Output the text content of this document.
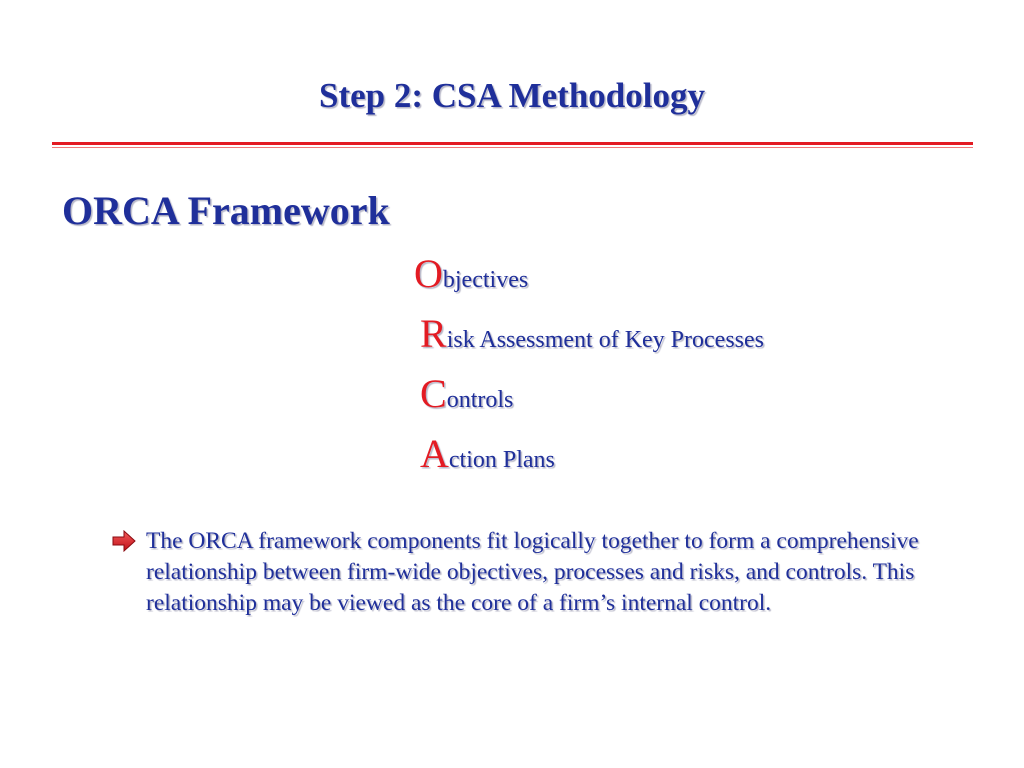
Step 2: CSA Methodology
ORCA Framework
Objectives
Risk Assessment of Key Processes
Controls
Action Plans
The ORCA framework components fit logically together to form a comprehensive relationship between firm-wide objectives, processes and risks, and controls. This relationship may be viewed as the core of a firm’s internal control.
